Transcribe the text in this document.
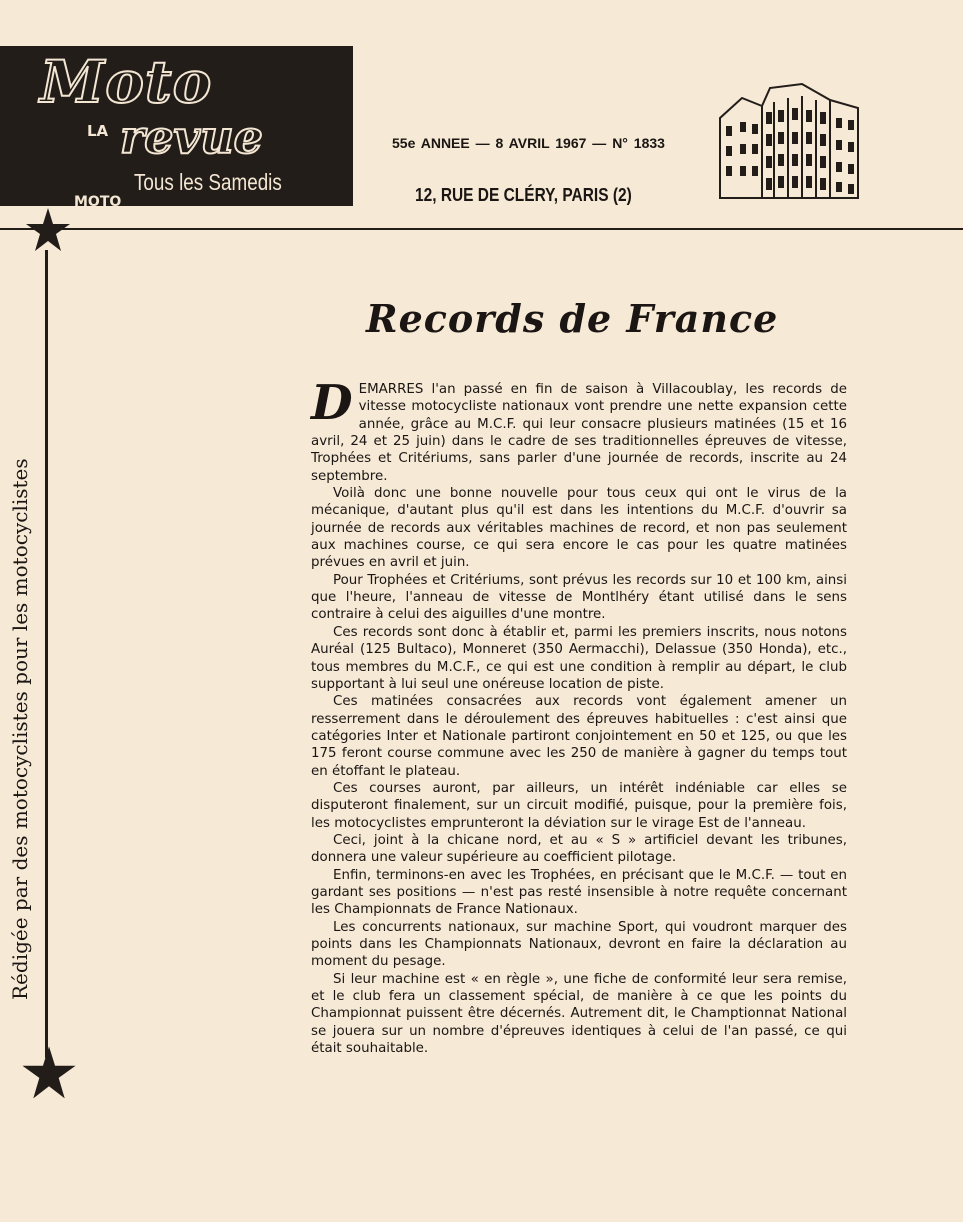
Moto
LA revue
MOTO
Tous les Samedis
55e ANNEE — 8 AVRIL 1967 — N° 1833
12, RUE DE CLÉRY, PARIS (2)
Rédigée par des motocyclistes pour les motocyclistes
Records de France

DEMARRES l'an passé en fin de saison à Villacoublay, les records de vitesse motocycliste nationaux vont prendre une nette expansion cette année, grâce au M.C.F. qui leur consacre plusieurs matinées (15 et 16 avril, 24 et 25 juin) dans le cadre de ses traditionnelles épreuves de vitesse, Trophées et Critériums, sans parler d'une journée de records, inscrite au 24 septembre.

Voilà donc une bonne nouvelle pour tous ceux qui ont le virus de la mécanique, d'autant plus qu'il est dans les intentions du M.C.F. d'ouvrir sa journée de records aux véritables machines de record, et non pas seulement aux machines course, ce qui sera encore le cas pour les quatre matinées prévues en avril et juin.

Pour Trophées et Critériums, sont prévus les records sur 10 et 100 km, ainsi que l'heure, l'anneau de vitesse de Montlhéry étant utilisé dans le sens contraire à celui des aiguilles d'une montre.

Ces records sont donc à établir et, parmi les premiers inscrits, nous notons Auréal (125 Bultaco), Monneret (350 Aermacchi), Delassue (350 Honda), etc., tous membres du M.C.F., ce qui est une condition à remplir au départ, le club supportant à lui seul une onéreuse location de piste.

Ces matinées consacrées aux records vont également amener un resserrement dans le déroulement des épreuves habituelles : c'est ainsi que catégories Inter et Nationale partiront conjointement en 50 et 125, ou que les 175 feront course commune avec les 250 de manière à gagner du temps tout en étoffant le plateau.

Ces courses auront, par ailleurs, un intérêt indéniable car elles se disputeront finalement, sur un circuit modifié, puisque, pour la première fois, les motocyclistes emprunteront la déviation sur le virage Est de l'anneau.

Ceci, joint à la chicane nord, et au « S » artificiel devant les tribunes, donnera une valeur supérieure au coefficient pilotage.

Enfin, terminons-en avec les Trophées, en précisant que le M.C.F. — tout en gardant ses positions — n'est pas resté insensible à notre requête concernant les Championnats de France Nationaux.

Les concurrents nationaux, sur machine Sport, qui voudront marquer des points dans les Championnats Nationaux, devront en faire la déclaration au moment du pesage.

Si leur machine est « en règle », une fiche de conformité leur sera remise, et le club fera un classement spécial, de manière à ce que les points du Championnat puissent être décernés. Autrement dit, le Champtionnat National se jouera sur un nombre d'épreuves identiques à celui de l'an passé, ce qui était souhaitable.
